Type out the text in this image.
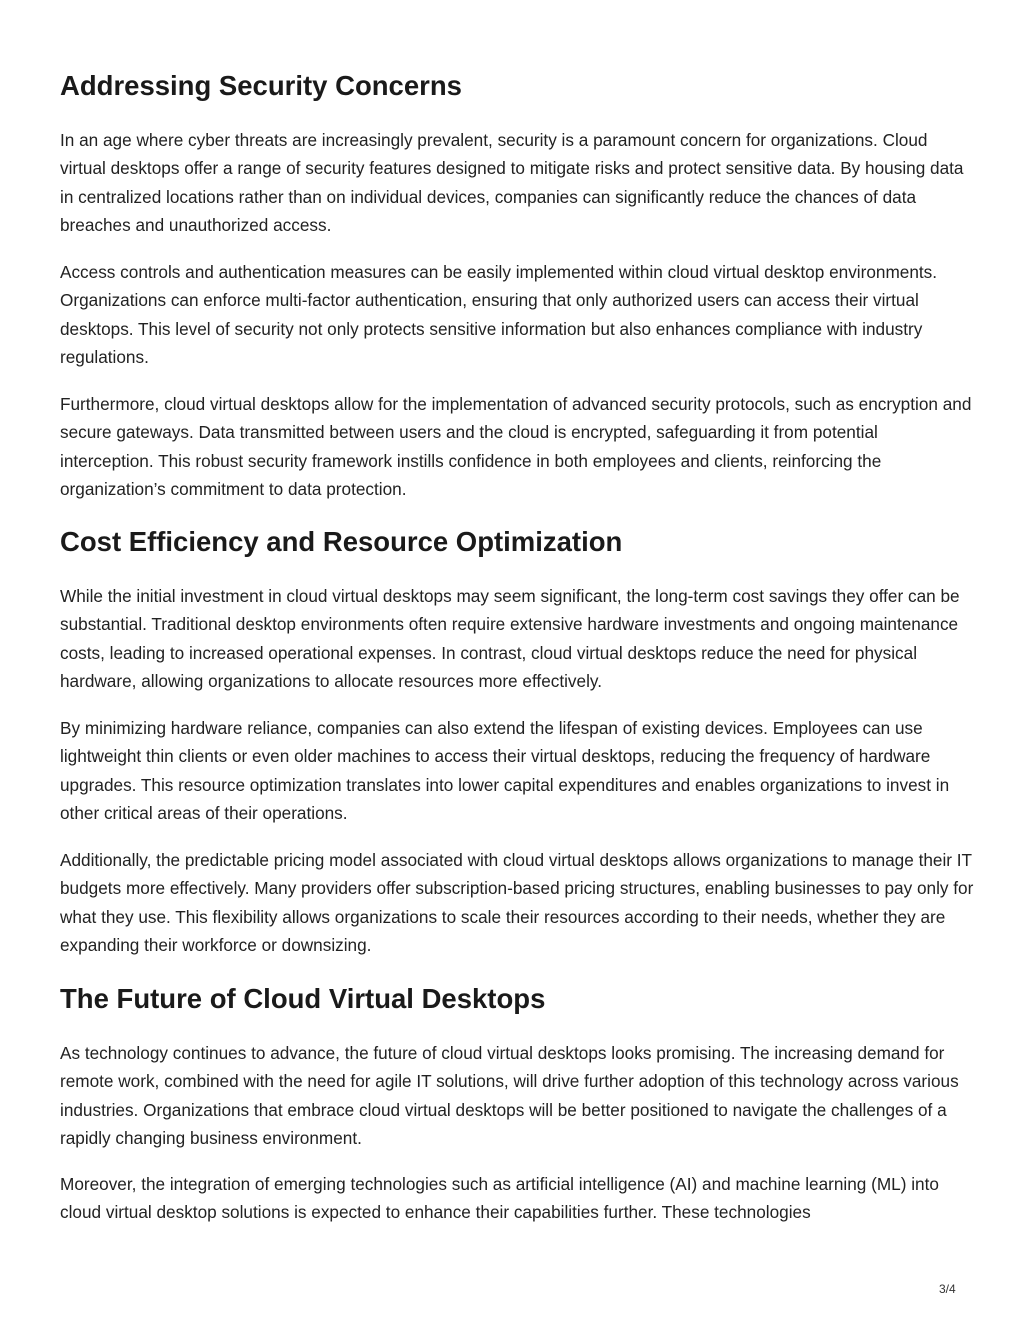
Addressing Security Concerns

In an age where cyber threats are increasingly prevalent, security is a paramount concern for organizations. Cloud virtual desktops offer a range of security features designed to mitigate risks and protect sensitive data. By housing data in centralized locations rather than on individual devices, companies can significantly reduce the chances of data breaches and unauthorized access.

Access controls and authentication measures can be easily implemented within cloud virtual desktop environments. Organizations can enforce multi-factor authentication, ensuring that only authorized users can access their virtual desktops. This level of security not only protects sensitive information but also enhances compliance with industry regulations.

Furthermore, cloud virtual desktops allow for the implementation of advanced security protocols, such as encryption and secure gateways. Data transmitted between users and the cloud is encrypted, safeguarding it from potential interception. This robust security framework instills confidence in both employees and clients, reinforcing the organization’s commitment to data protection.

Cost Efficiency and Resource Optimization

While the initial investment in cloud virtual desktops may seem significant, the long-term cost savings they offer can be substantial. Traditional desktop environments often require extensive hardware investments and ongoing maintenance costs, leading to increased operational expenses. In contrast, cloud virtual desktops reduce the need for physical hardware, allowing organizations to allocate resources more effectively.

By minimizing hardware reliance, companies can also extend the lifespan of existing devices. Employees can use lightweight thin clients or even older machines to access their virtual desktops, reducing the frequency of hardware upgrades. This resource optimization translates into lower capital expenditures and enables organizations to invest in other critical areas of their operations.

Additionally, the predictable pricing model associated with cloud virtual desktops allows organizations to manage their IT budgets more effectively. Many providers offer subscription-based pricing structures, enabling businesses to pay only for what they use. This flexibility allows organizations to scale their resources according to their needs, whether they are expanding their workforce or downsizing.

The Future of Cloud Virtual Desktops

As technology continues to advance, the future of cloud virtual desktops looks promising. The increasing demand for remote work, combined with the need for agile IT solutions, will drive further adoption of this technology across various industries. Organizations that embrace cloud virtual desktops will be better positioned to navigate the challenges of a rapidly changing business environment.

Moreover, the integration of emerging technologies such as artificial intelligence (AI) and machine learning (ML) into cloud virtual desktop solutions is expected to enhance their capabilities further. These technologies

3/4
